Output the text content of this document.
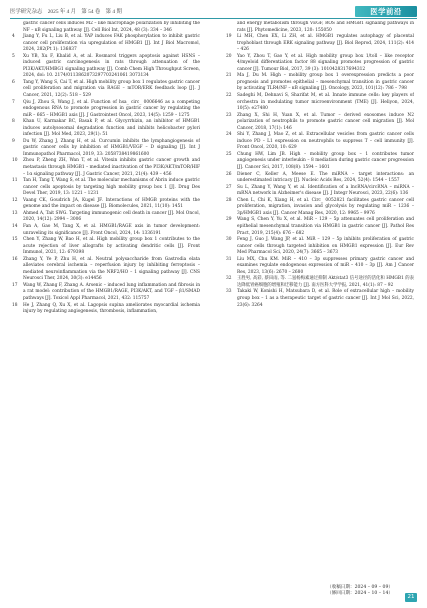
医学研究杂志　2025 年 4 月　第 54 卷　第 4 期	医学前沿
gastric cancer cells induces M2 – like macrophage polarization by inhibiting the NF – κB signaling pathway [J]. Cell Biol Int, 2024, 48 (3): 334 – 346
4	Jiang Y, Fu L, Liu B, et al. YAP induces FAK phosphorylation to inhibit gastric cancer cell proliferation via upregulation of HMGB1 [J]. Int J Biol Macromol, 2024, 282(Pt 1): 136837
5	Xu YB, Xu F, Khalid A, et al. Rosmarol triggers apoptosis against HSNS – induced gastric carcinogenesis in rats through attenuation of the PI3K/AKT/HMBG1 signaling pathway [J]. Comb Chem High Throughput Screen, 2024, doi: 10. 2174/0113862073297703241061 3073134
6	Tang Y, Wang S, Cai T, et al. High mobility group box 1 regulates gastric cancer cell proliferation and migration via RAGE – mTOR/ERK feedback loop [J]. J Cancer, 2021, 12(2): 518 – 529
7	Qiu J, Zhou S, Wang J, et al. Function of hsa_ circ_ 0006646 as a competing endogenous RNA to promote progression in gastric cancer by regulating the miR – 665 – HMGB1 axis [J]. J Gastrointest Oncol, 2023, 14(5): 1259 – 1275
8	Khan U, Karmakar BC, Basak P, et al. Glycyrrhizin, an inhibitor of HMGB1 induces autolysosomal degradation function and inhibits helicobacter pylori infection [J]. Mol Med, 2023, 29(1): 51
9	Du W, Zhang J, Zhang H, et al. Curcumin inhibits the lymphangiogenesis of gastric cancer cells by inhibition of HMGB1/VEGF – D signaling [J]. Int J Immunopathol Pharmacol, 2019, 33: 2058738419861600
10	Zhou P, Zheng ZH, Wan T, et al. Vitexin inhibits gastric cancer growth and metastasis through HMGB1 – mediated inactivation of the PI3K/AKT/mTOR/HIF – 1α signaling pathway [J]. J Gastric Cancer, 2021, 21(4): 439 – 456
11	Tan H, Tang T, Wang S, et al. The molecular mechanisms of Abrin induce gastric cancer cells apoptosis by targeting high mobility group box 1 [J]. Drug Des Devel Ther, 2019, 13: 1221 – 1231
12	Vaang CK, Goudrich JA, Kugel JF. Interactions of HMGB proteins with the genome and the impact on disease [J]. Biomolecules, 2021, 11(10): 1451
13	Ahmed A, Tait SWG. Targeting immunogenic cell death in cancer [J]. Mol Oncol, 2020, 14(12): 2994 – 3006
14	Fan A, Gao M, Tang X, et al. HMGB1/RAGE axis in tumor development: unraveling its significance [J]. Front Oncol, 2024, 14: 1336191
15	Chen Y, Zhang W, Bao H, et al. High mobility group box 1 contributes to the acute rejection of liver allografts by activating dendritic cells [J]. Front Immunol, 2021, 12: 679398
16	Zhang Y, Ye P, Zhu H, et al. Neutral polysaccharide from Gastrodia elata alleviates cerebral ischemia – reperfusion injury by inhibiting ferroptosis – mediated neuroinflammation via the NRF2/HO – 1 signaling pathway [J]. CNS Neurosci Ther, 2024, 30(3): e14456
17	Wang W, Zhang F, Zhang A. Arsenic – induced lung inflammation and fibrosis in a rat model: contribution of the HMGB1/RAGE, PI3K/AKT, and TGF – β1/SMAD pathways [J]. Toxicol Appl Pharmacol, 2021, 432: 115757
18	He J, Zhang Q, Xu X, et al. Lagopsis supina ameliorates myocardial ischemia injury by regulating angiogenesis, thrombosis, inflammation,
and energy metabolism through VEGF, ROS and HMGB1 signaling pathways in rats [J]. Phytomedicine, 2023, 120: 155050
19	Li MH, Chen EX, Li ZH, et al. HMGB1 regulates autophagy of placental trophoblast through ERK signaling pathway [J]. Biol Reprod, 2024, 111(2): 414 – 426
20	Yao Y, Zhou T, Gao Y, et al. High mobility group box 1/toll – like receptor 4/myeloid differentiation factor 88 signaling promotes progression of gastric cancer [J]. Tumour Biol, 2017, 39 (3): 1010428317694312
21	Ma J, Du M. High – mobility group box 1 overexpression predicts a poor prognosis and promotes epithelial – mesenchymal transition in gastric cancer by activating TLR4/NF – κB signaling [J]. Oncology, 2023, 101(12): 786 – 798
22	Sadeghi M, Dehnavi S, Sharifat M, et al. Innate immune cells: key players of orchestra in modulating tumor microenvironment (TME) [J]. Heliyon, 2024, 10(5): e27480
23	Zhang X, Shi H, Yuan X, et al. Tumor – derived exosomes induce N2 polarization of neutrophils to promote gastric cancer cell migration [J]. Mol Cancer, 2018, 17(1): 146
24	Shi Y, Zhang J, Mao Z, et al. Extracellular vesicles from gastric cancer cells induce PD – L1 expression on neutrophils to suppress T – cell immunity [J]. Front Oncol, 2020, 10: 629
25	Chung HW, Lim JB. High – mobility group box – 1 contributes tumor angiogenesis under interleukin – 8 mediation during gastric cancer progression [J]. Cancer Sci, 2017, 108(8): 1594 – 1601
26	Diener C, Keller A, Meese E. The miRNA – target interactions: an underestimated intricacy [J]. Nucleic Acids Res, 2024, 52(4): 1544 – 1557
27	Su L, Zhang Y, Wang Y, et al. Identification of a lncRNA/circRNA – miRNA – mRNA network in Alzheimer's disease [J]. J Integr Neurosci, 2023, 22(6): 136
28	Chen L, Chi K, Xiang H, et al. Circ_ 0052821 facilitates gastric cancer cell proliferation, migration, invasion and glycolysis by regulating miR – 1236 – 3p/HMGB1 axis [J]. Cancer Manag Res, 2020, 12: 9965 – 9976
29	Wang S, Chen Y, Yu X, et al. MiR – 129 – 5p attenuates cell proliferation and epithelial mesenchymal transition via HMGB1 in gastric cancer [J]. Pathol Res Pract, 2019, 215(4): 676 – 682
30	Feng J, Guo J, Wang JP, et al. MiR – 129 – 5p inhibits proliferation of gastric cancer cells through targeted inhibition on HMGB1 expression [J]. Eur Rev Med Pharmacol Sci, 2020, 24(7): 3665 – 3673
31	Liu MX, Chu KM. MiR – 410 – 3p suppresses primary gastric cancer and examines regulate endogenous expression of miR – 410 – 3p [J]. Am J Cancer Res, 2023, 13(6): 2670 – 2680
32	王胜男, 高彩, 蔡田雨, 等. 二氢杨梅素通过抑制 Akt/stat3 信号途径的活化和 HMGB1 的表达降低胃癌细胞的增殖和迁移能力 [J]. 南方医科大学学报, 2021, 41(1): 87 – 92
33	Takaki W, Konishi H, Matsubara D, et al. Role of extracellular high – mobility group box – 1 as a therapeutic target of gastric cancer [J]. Int J Mol Sci, 2022, 23(6): 3264
（收稿日期：2024 – 09 – 09）
（修回日期：2024 – 10 – 14）
21
